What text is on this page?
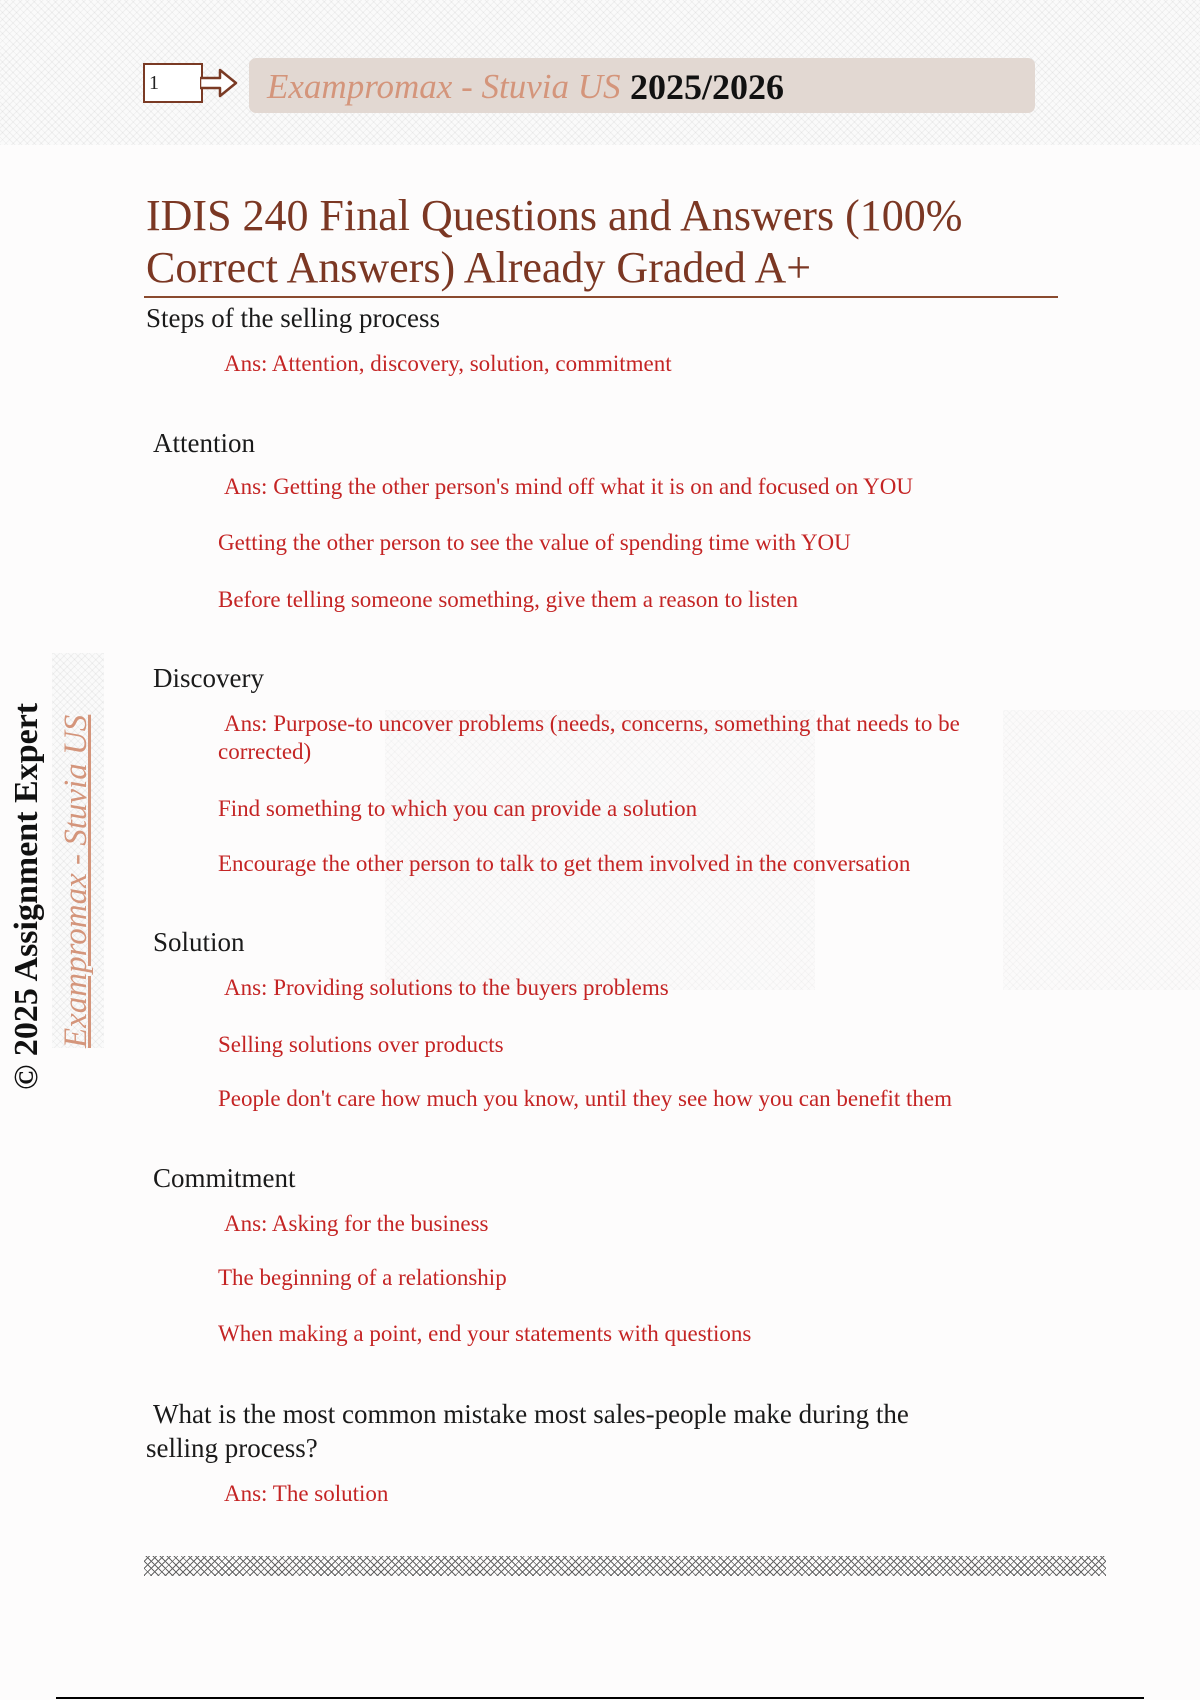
1	Exampromax - Stuvia US 2025/2026
IDIS 240 Final Questions and Answers (100% Correct Answers) Already Graded A+
© 2025 Assignment Expert Exampromax - Stuvia US
Steps of the selling process
Ans: Attention, discovery, solution, commitment
Attention
Ans: Getting the other person's mind off what it is on and focused on YOU
Getting the other person to see the value of spending time with YOU
Before telling someone something, give them a reason to listen
Discovery
Ans: Purpose-to uncover problems (needs, concerns, something that needs to be
corrected)
Find something to which you can provide a solution
Encourage the other person to talk to get them involved in the conversation
Solution
Ans: Providing solutions to the buyers problems
Selling solutions over products
People don't care how much you know, until they see how you can benefit them
Commitment
Ans: Asking for the business
The beginning of a relationship
When making a point, end your statements with questions
What is the most common mistake most sales-people make during the
selling process?
Ans: The solution
